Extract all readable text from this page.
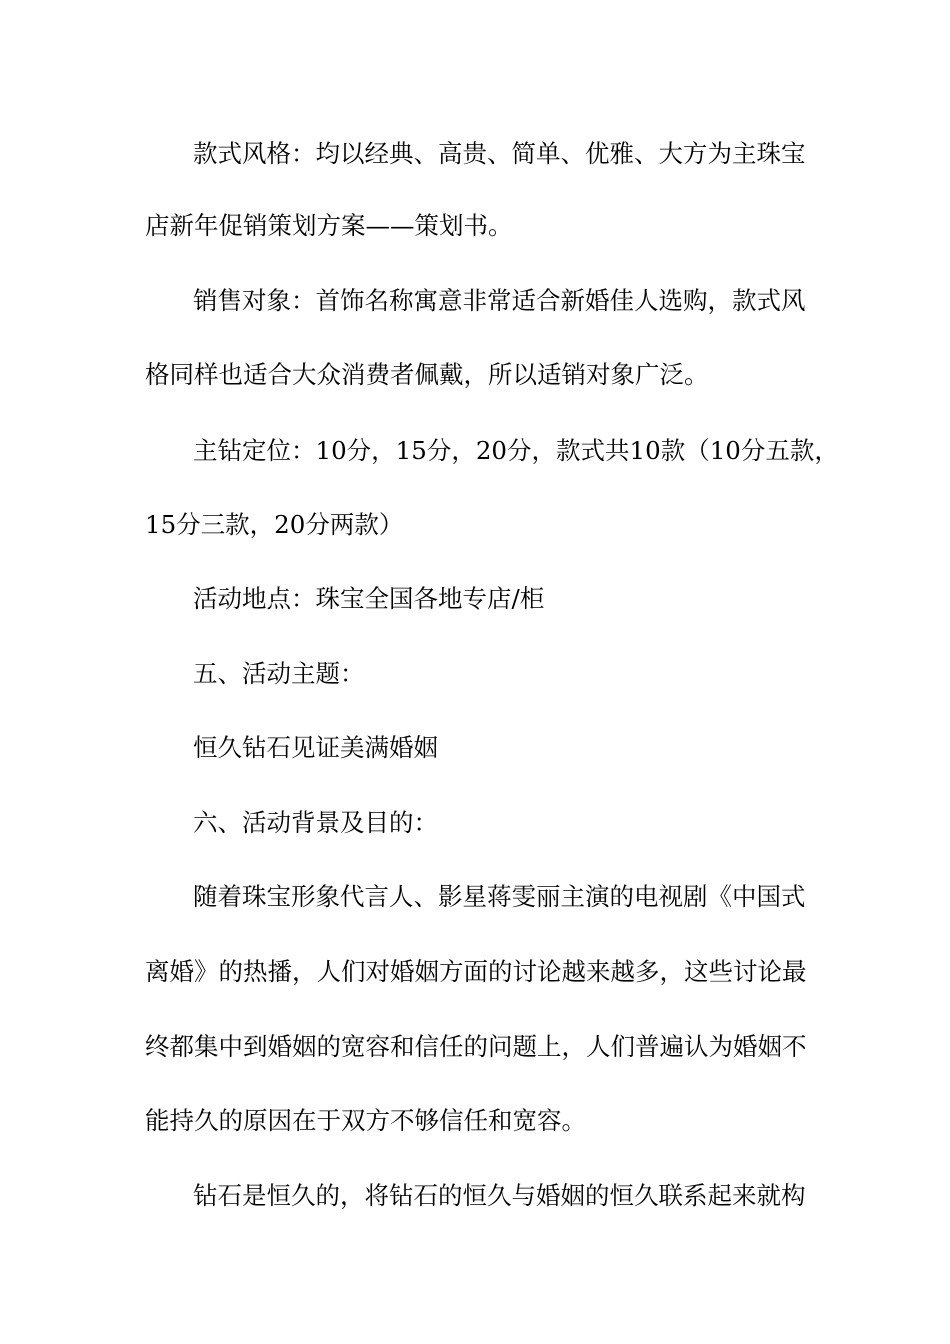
款式风格：均以经典、高贵、简单、优雅、大方为主珠宝
店新年促销策划方案——策划书。
销售对象：首饰名称寓意非常适合新婚佳人选购，款式风
格同样也适合大众消费者佩戴，所以适销对象广泛。
主钻定位：10分，15分，20分，款式共10款（10分五款，
15分三款，20分两款）
活动地点：珠宝全国各地专店/柜
五、活动主题：
恒久钻石见证美满婚姻
六、活动背景及目的：
随着珠宝形象代言人、影星蒋雯丽主演的电视剧《中国式
离婚》的热播，人们对婚姻方面的讨论越来越多，这些讨论最
终都集中到婚姻的宽容和信任的问题上，人们普遍认为婚姻不
能持久的原因在于双方不够信任和宽容。
钻石是恒久的，将钻石的恒久与婚姻的恒久联系起来就构
